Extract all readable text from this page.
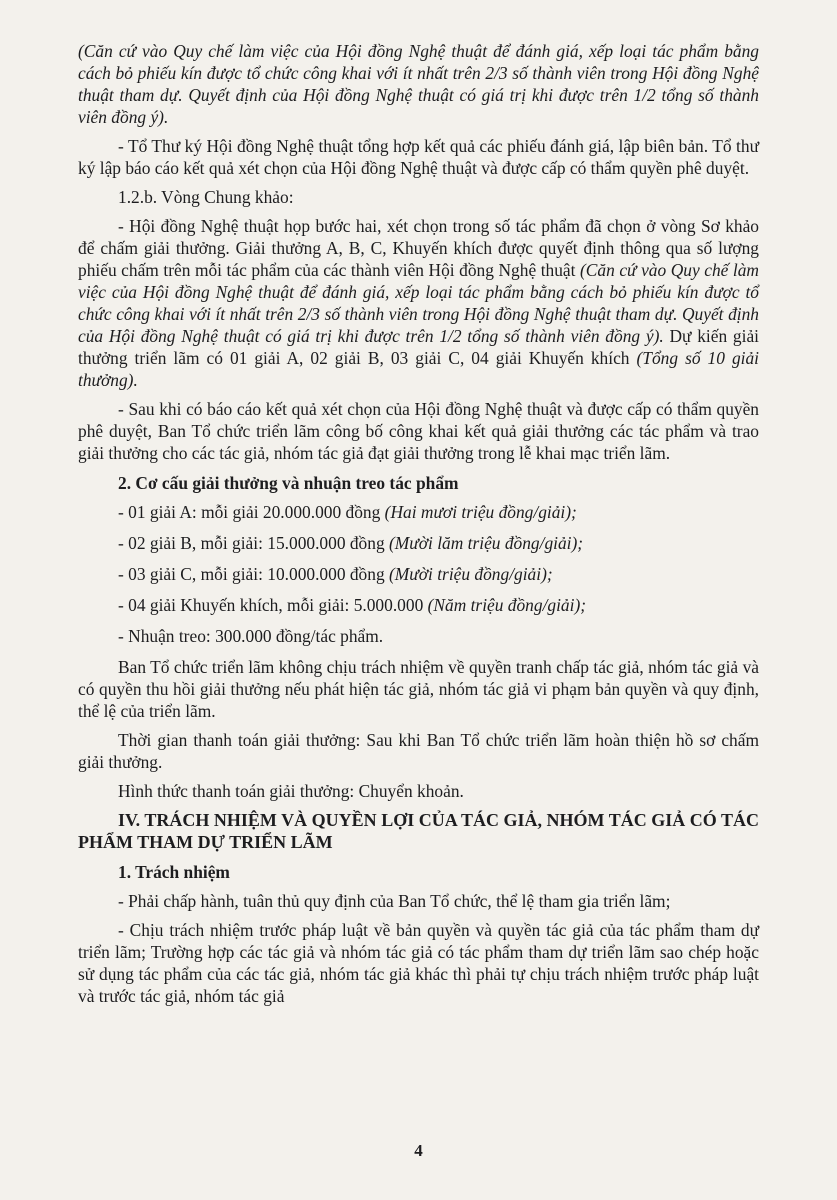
(Căn cứ vào Quy chế làm việc của Hội đồng Nghệ thuật để đánh giá, xếp loại tác phẩm bằng cách bỏ phiếu kín được tổ chức công khai với ít nhất trên 2/3 số thành viên trong Hội đồng Nghệ thuật tham dự. Quyết định của Hội đồng Nghệ thuật có giá trị khi được trên 1/2 tổng số thành viên đồng ý).

- Tổ Thư ký Hội đồng Nghệ thuật tổng hợp kết quả các phiếu đánh giá, lập biên bản. Tổ thư ký lập báo cáo kết quả xét chọn của Hội đồng Nghệ thuật và được cấp có thẩm quyền phê duyệt.

1.2.b. Vòng Chung khảo:

- Hội đồng Nghệ thuật họp bước hai, xét chọn trong số tác phẩm đã chọn ở vòng Sơ khảo để chấm giải thưởng. Giải thưởng A, B, C, Khuyến khích được quyết định thông qua số lượng phiếu chấm trên mỗi tác phẩm của các thành viên Hội đồng Nghệ thuật (Căn cứ vào Quy chế làm việc của Hội đồng Nghệ thuật để đánh giá, xếp loại tác phẩm bằng cách bỏ phiếu kín được tổ chức công khai với ít nhất trên 2/3 số thành viên trong Hội đồng Nghệ thuật tham dự. Quyết định của Hội đồng Nghệ thuật có giá trị khi được trên 1/2 tổng số thành viên đồng ý). Dự kiến giải thưởng triển lãm có 01 giải A, 02 giải B, 03 giải C, 04 giải Khuyến khích (Tổng số 10 giải thưởng).

- Sau khi có báo cáo kết quả xét chọn của Hội đồng Nghệ thuật và được cấp có thẩm quyền phê duyệt, Ban Tổ chức triển lãm công bố công khai kết quả giải thưởng các tác phẩm và trao giải thưởng cho các tác giả, nhóm tác giả đạt giải thưởng trong lễ khai mạc triển lãm.

2. Cơ cấu giải thưởng và nhuận treo tác phẩm

- 01 giải A: mỗi giải 20.000.000 đồng (Hai mươi triệu đồng/giải);

- 02 giải B, mỗi giải: 15.000.000 đồng (Mười lăm triệu đồng/giải);

- 03 giải C, mỗi giải: 10.000.000 đồng (Mười triệu đồng/giải);

- 04 giải Khuyến khích, mỗi giải: 5.000.000 (Năm triệu đồng/giải);

- Nhuận treo: 300.000 đồng/tác phẩm.

Ban Tổ chức triển lãm không chịu trách nhiệm về quyền tranh chấp tác giả, nhóm tác giả và có quyền thu hồi giải thưởng nếu phát hiện tác giả, nhóm tác giả vi phạm bản quyền và quy định, thể lệ của triển lãm.

Thời gian thanh toán giải thưởng: Sau khi Ban Tổ chức triển lãm hoàn thiện hồ sơ chấm giải thưởng.

Hình thức thanh toán giải thưởng: Chuyển khoản.

IV. TRÁCH NHIỆM VÀ QUYỀN LỢI CỦA TÁC GIẢ, NHÓM TÁC GIẢ CÓ TÁC PHẨM THAM DỰ TRIỂN LÃM

1. Trách nhiệm

- Phải chấp hành, tuân thủ quy định của Ban Tổ chức, thể lệ tham gia triển lãm;

- Chịu trách nhiệm trước pháp luật về bản quyền và quyền tác giả của tác phẩm tham dự triển lãm; Trường hợp các tác giả và nhóm tác giả có tác phẩm tham dự triển lãm sao chép hoặc sử dụng tác phẩm của các tác giả, nhóm tác giả khác thì phải tự chịu trách nhiệm trước pháp luật và trước tác giả, nhóm tác giả

4
